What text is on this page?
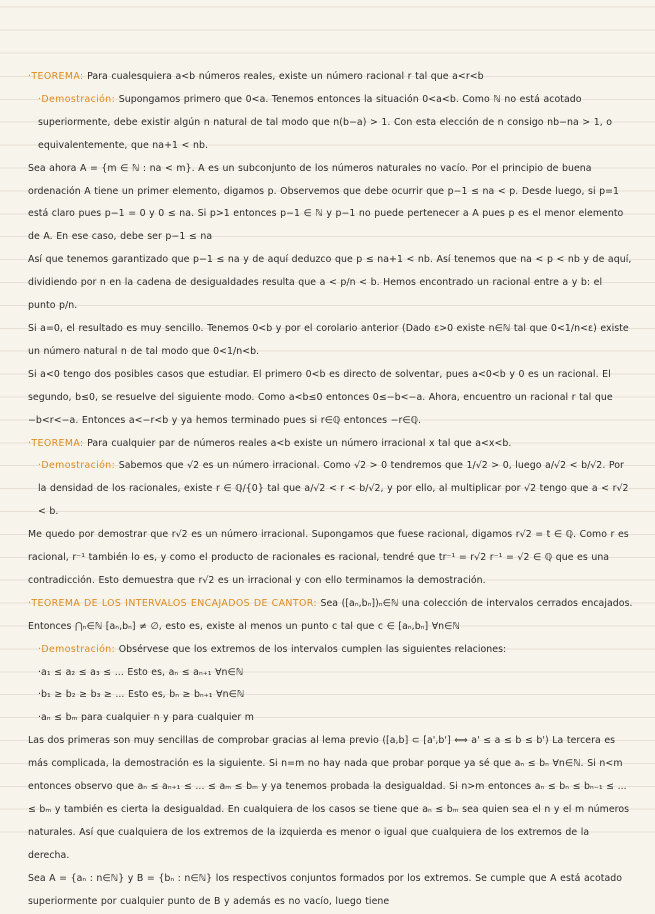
·TEOREMA: Para cualesquiera a<b números reales, existe un número racional r tal que a<r<b

·Demostración: Supongamos primero que 0<a. Tenemos entonces la situación 0<a<b. Como ℕ no está acotado superiormente, debe existir algún n natural de tal modo que n(b−a) > 1. Con esta elección de n consigo nb−na > 1, o equivalentemente, que na+1 < nb.

Sea ahora A = {m ∈ ℕ : na < m}. A es un subconjunto de los números naturales no vacío. Por el principio de buena ordenación A tiene un primer elemento, digamos p. Observemos que debe ocurrir que p−1 ≤ na < p. Desde luego, si p=1 está claro pues p−1 = 0 y 0 ≤ na. Si p>1 entonces p−1 ∈ ℕ y p−1 no puede pertenecer a A pues p es el menor elemento de A. En ese caso, debe ser p−1 ≤ na

Así que tenemos garantizado que p−1 ≤ na y de aquí deduzco que p ≤ na+1 < nb. Así tenemos que na < p < nb y de aquí, dividiendo por n en la cadena de desigualdades resulta que a < p/n < b. Hemos encontrado un racional entre a y b: el punto p/n.

Si a=0, el resultado es muy sencillo. Tenemos 0<b y por el corolario anterior (Dado ε>0 existe n∈ℕ tal que 0<1/n<ε) existe un número natural n de tal modo que 0<1/n<b.

Si a<0 tengo dos posibles casos que estudiar. El primero 0<b es directo de solventar, pues a<0<b y 0 es un racional. El segundo, b≤0, se resuelve del siguiente modo. Como a<b≤0 entonces 0≤−b<−a. Ahora, encuentro un racional r tal que −b<r<−a. Entonces a<−r<b y ya hemos terminado pues si r∈ℚ entonces −r∈ℚ.

·TEOREMA: Para cualquier par de números reales a<b existe un número irracional x tal que a<x<b.

·Demostración: Sabemos que √2 es un número irracional. Como √2 > 0 tendremos que 1/√2 > 0, luego a/√2 < b/√2. Por la densidad de los racionales, existe r ∈ ℚ/{0} tal que a/√2 < r < b/√2, y por ello, al multiplicar por √2 tengo que a < r√2 < b.

Me quedo por demostrar que r√2 es un número irracional. Supongamos que fuese racional, digamos r√2 = t ∈ ℚ. Como r es racional, r⁻¹ también lo es, y como el producto de racionales es racional, tendré que tr⁻¹ = r√2 r⁻¹ = √2 ∈ ℚ que es una contradicción. Esto demuestra que r√2 es un irracional y con ello terminamos la demostración.

·TEOREMA DE LOS INTERVALOS ENCAJADOS DE CANTOR: Sea ([aₙ,bₙ])ₙ∈ℕ una colección de intervalos cerrados encajados. Entonces ⋂ₙ∈ℕ [aₙ,bₙ] ≠ ∅, esto es, existe al menos un punto c tal que c ∈ [aₙ,bₙ] ∀n∈ℕ

·Demostración: Obsérvese que los extremos de los intervalos cumplen las siguientes relaciones:

·a₁ ≤ a₂ ≤ a₃ ≤ ... Esto es, aₙ ≤ aₙ₊₁ ∀n∈ℕ

·b₁ ≥ b₂ ≥ b₃ ≥ ... Esto es, bₙ ≥ bₙ₊₁ ∀n∈ℕ

·aₙ ≤ bₘ para cualquier n y para cualquier m

Las dos primeras son muy sencillas de comprobar gracias al lema previo ([a,b] ⊂ [a',b'] ⟺ a' ≤ a ≤ b ≤ b') La tercera es más complicada, la demostración es la siguiente. Si n=m no hay nada que probar porque ya sé que aₙ ≤ bₙ ∀n∈ℕ. Si n<m entonces observo que aₙ ≤ aₙ₊₁ ≤ ... ≤ aₘ ≤ bₘ y ya tenemos probada la desigualdad. Si n>m entonces aₙ ≤ bₙ ≤ bₙ₋₁ ≤ ... ≤ bₘ y también es cierta la desigualdad. En cualquiera de los casos se tiene que aₙ ≤ bₘ sea quien sea el n y el m números naturales. Así que cualquiera de los extremos de la izquierda es menor o igual que cualquiera de los extremos de la derecha.

Sea A = {aₙ : n∈ℕ} y B = {bₙ : n∈ℕ} los respectivos conjuntos formados por los extremos. Se cumple que A está acotado superiormente por cualquier punto de B y además es no vacío, luego tiene
